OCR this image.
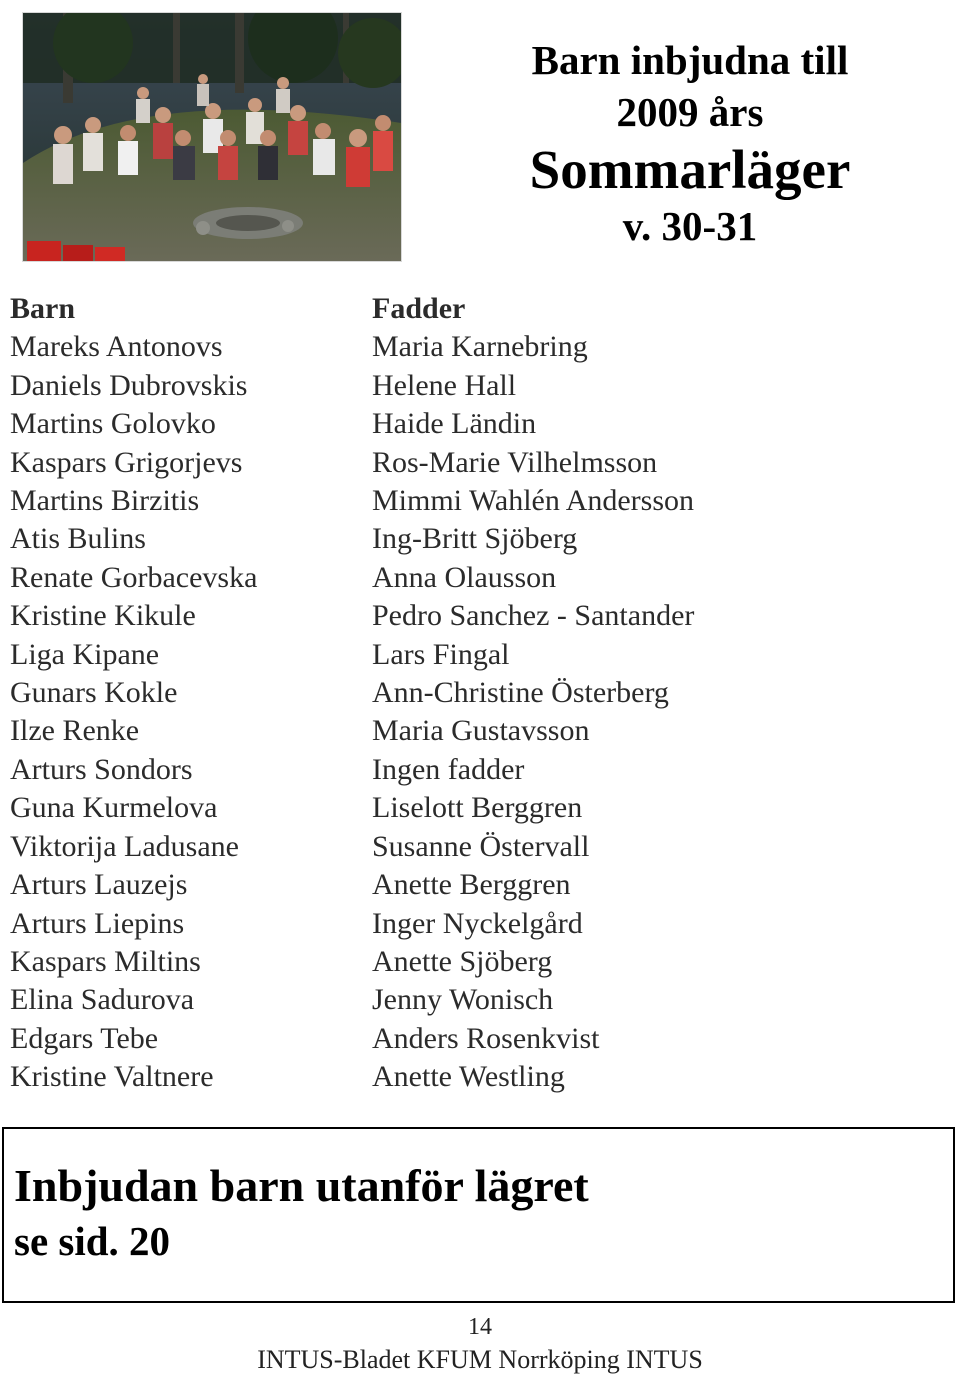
Barn inbjudna till
2009 års
Sommarläger
v. 30-31
Barn
Mareks Antonovs
Daniels Dubrovskis
Martins Golovko
Kaspars Grigorjevs
Martins Birzitis
Atis Bulins
Renate Gorbacevska
Kristine Kikule
Liga Kipane
Gunars Kokle
Ilze Renke
Arturs Sondors
Guna Kurmelova
Viktorija Ladusane
Arturs Lauzejs
Arturs Liepins
Kaspars Miltins
Elina Sadurova
Edgars Tebe
Kristine Valtnere
Fadder
Maria Karnebring
Helene Hall
Haide Ländin
Ros-Marie Vilhelmsson
Mimmi Wahlén Andersson
Ing-Britt Sjöberg
Anna Olausson
Pedro Sanchez - Santander
Lars Fingal
Ann-Christine Österberg
Maria Gustavsson
Ingen fadder
Liselott Berggren
Susanne Östervall
Anette Berggren
Inger Nyckelgård
Anette Sjöberg
Jenny Wonisch
Anders Rosenkvist
Anette Westling
Inbjudan barn utanför lägret
se sid. 20
14
INTUS-Bladet KFUM Norrköping INTUS
